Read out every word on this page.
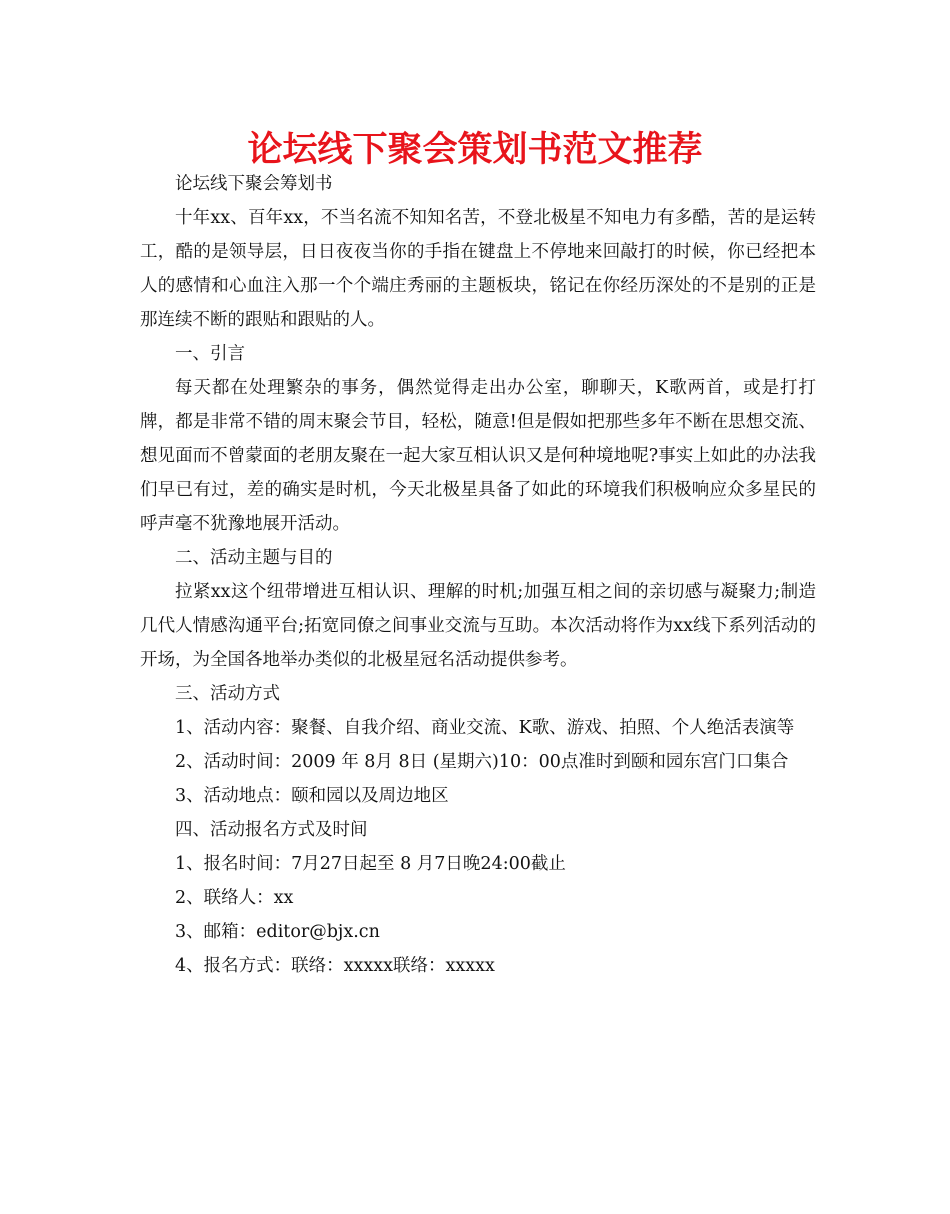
论坛线下聚会策划书范文推荐

论坛线下聚会筹划书

十年xx、百年xx，不当名流不知知名苦，不登北极星不知电力有多酷，苦的是运转工，酷的是领导层，日日夜夜当你的手指在键盘上不停地来回敲打的时候，你已经把本人的感情和心血注入那一个个端庄秀丽的主题板块，铭记在你经历深处的不是别的正是那连续不断的跟贴和跟贴的人。

一、引言

每天都在处理繁杂的事务，偶然觉得走出办公室，聊聊天，K歌两首，或是打打牌，都是非常不错的周末聚会节目，轻松，随意!但是假如把那些多年不断在思想交流、想见面而不曾蒙面的老朋友聚在一起大家互相认识又是何种境地呢?事实上如此的办法我们早已有过，差的确实是时机，今天北极星具备了如此的环境我们积极响应众多星民的呼声毫不犹豫地展开活动。

二、活动主题与目的

拉紧xx这个纽带增进互相认识、理解的时机;加强互相之间的亲切感与凝聚力;制造几代人情感沟通平台;拓宽同僚之间事业交流与互助。本次活动将作为xx线下系列活动的开场，为全国各地举办类似的北极星冠名活动提供参考。

三、活动方式

1、活动内容：聚餐、自我介绍、商业交流、K歌、游戏、拍照、个人绝活表演等

2、活动时间：2009 年 8月 8日 (星期六)10：00点准时到颐和园东宫门口集合

3、活动地点：颐和园以及周边地区

四、活动报名方式及时间

1、报名时间：7月27日起至 8 月7日晚24:00截止

2、联络人：xx

3、邮箱：editor@bjx.cn

4、报名方式：联络：xxxxx联络：xxxxx
